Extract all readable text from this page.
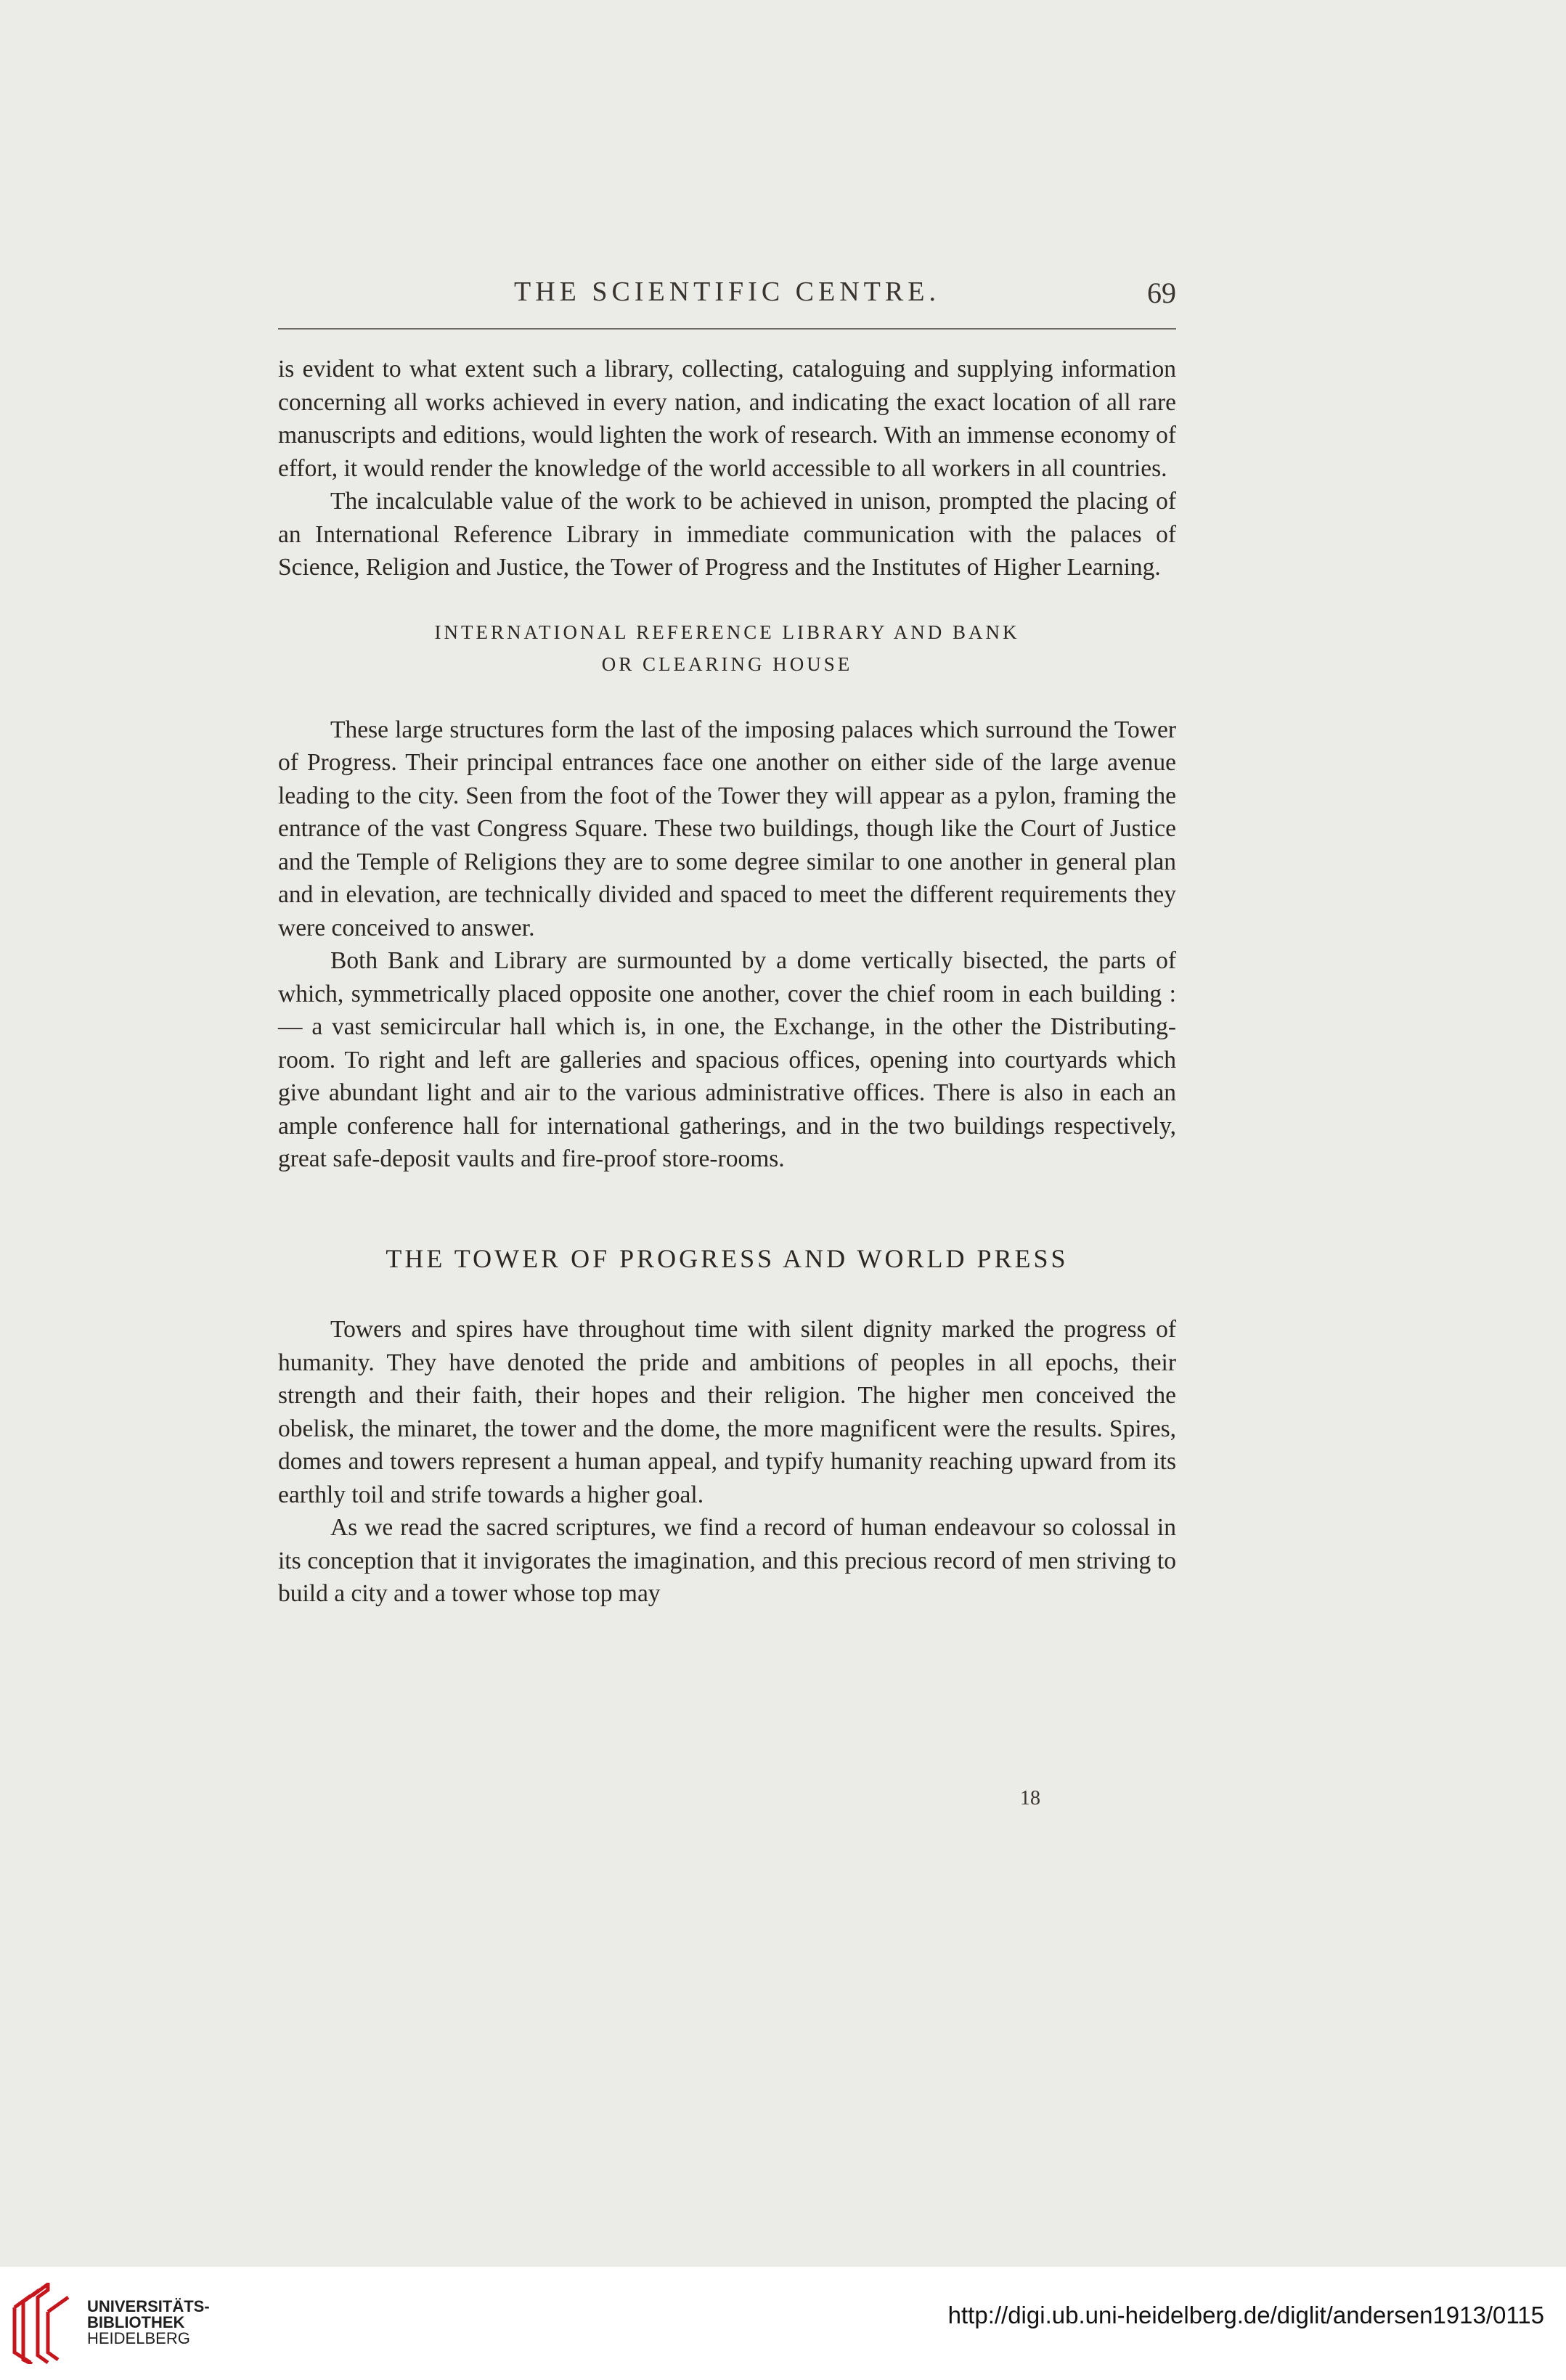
THE SCIENTIFIC CENTRE.	69

is evident to what extent such a library, collecting, cataloguing and supplying information concerning all works achieved in every nation, and indicating the exact location of all rare manuscripts and editions, would lighten the work of research. With an immense economy of effort, it would render the knowledge of the world accessible to all workers in all countries.

The incalculable value of the work to be achieved in unison, prompted the placing of an International Reference Library in immediate communication with the palaces of Science, Religion and Justice, the Tower of Progress and the Institutes of Higher Learning.

INTERNATIONAL REFERENCE LIBRARY AND BANK
OR CLEARING HOUSE

These large structures form the last of the imposing palaces which surround the Tower of Progress. Their principal entrances face one another on either side of the large avenue leading to the city. Seen from the foot of the Tower they will appear as a pylon, framing the entrance of the vast Congress Square. These two buildings, though like the Court of Justice and the Temple of Religions they are to some degree similar to one another in general plan and in elevation, are technically divided and spaced to meet the different requirements they were conceived to answer.

Both Bank and Library are surmounted by a dome vertically bisected, the parts of which, symmetrically placed opposite one another, cover the chief room in each building : — a vast semicircular hall which is, in one, the Exchange, in the other the Distributing-room. To right and left are galleries and spacious offices, opening into courtyards which give abundant light and air to the various administrative offices. There is also in each an ample conference hall for international gatherings, and in the two buildings respectively, great safe-deposit vaults and fire-proof store-rooms.

THE TOWER OF PROGRESS AND WORLD PRESS

Towers and spires have throughout time with silent dignity marked the progress of humanity. They have denoted the pride and ambitions of peoples in all epochs, their strength and their faith, their hopes and their religion. The higher men conceived the obelisk, the minaret, the tower and the dome, the more magnificent were the results. Spires, domes and towers represent a human appeal, and typify humanity reaching upward from its earthly toil and strife towards a higher goal.

As we read the sacred scriptures, we find a record of human endeavour so colossal in its conception that it invigorates the imagination, and this precious record of men striving to build a city and a tower whose top may

18
UNIVERSITÄTS-
BIBLIOTHEK
HEIDELBERG
http://digi.ub.uni-heidelberg.de/diglit/andersen1913/0115
